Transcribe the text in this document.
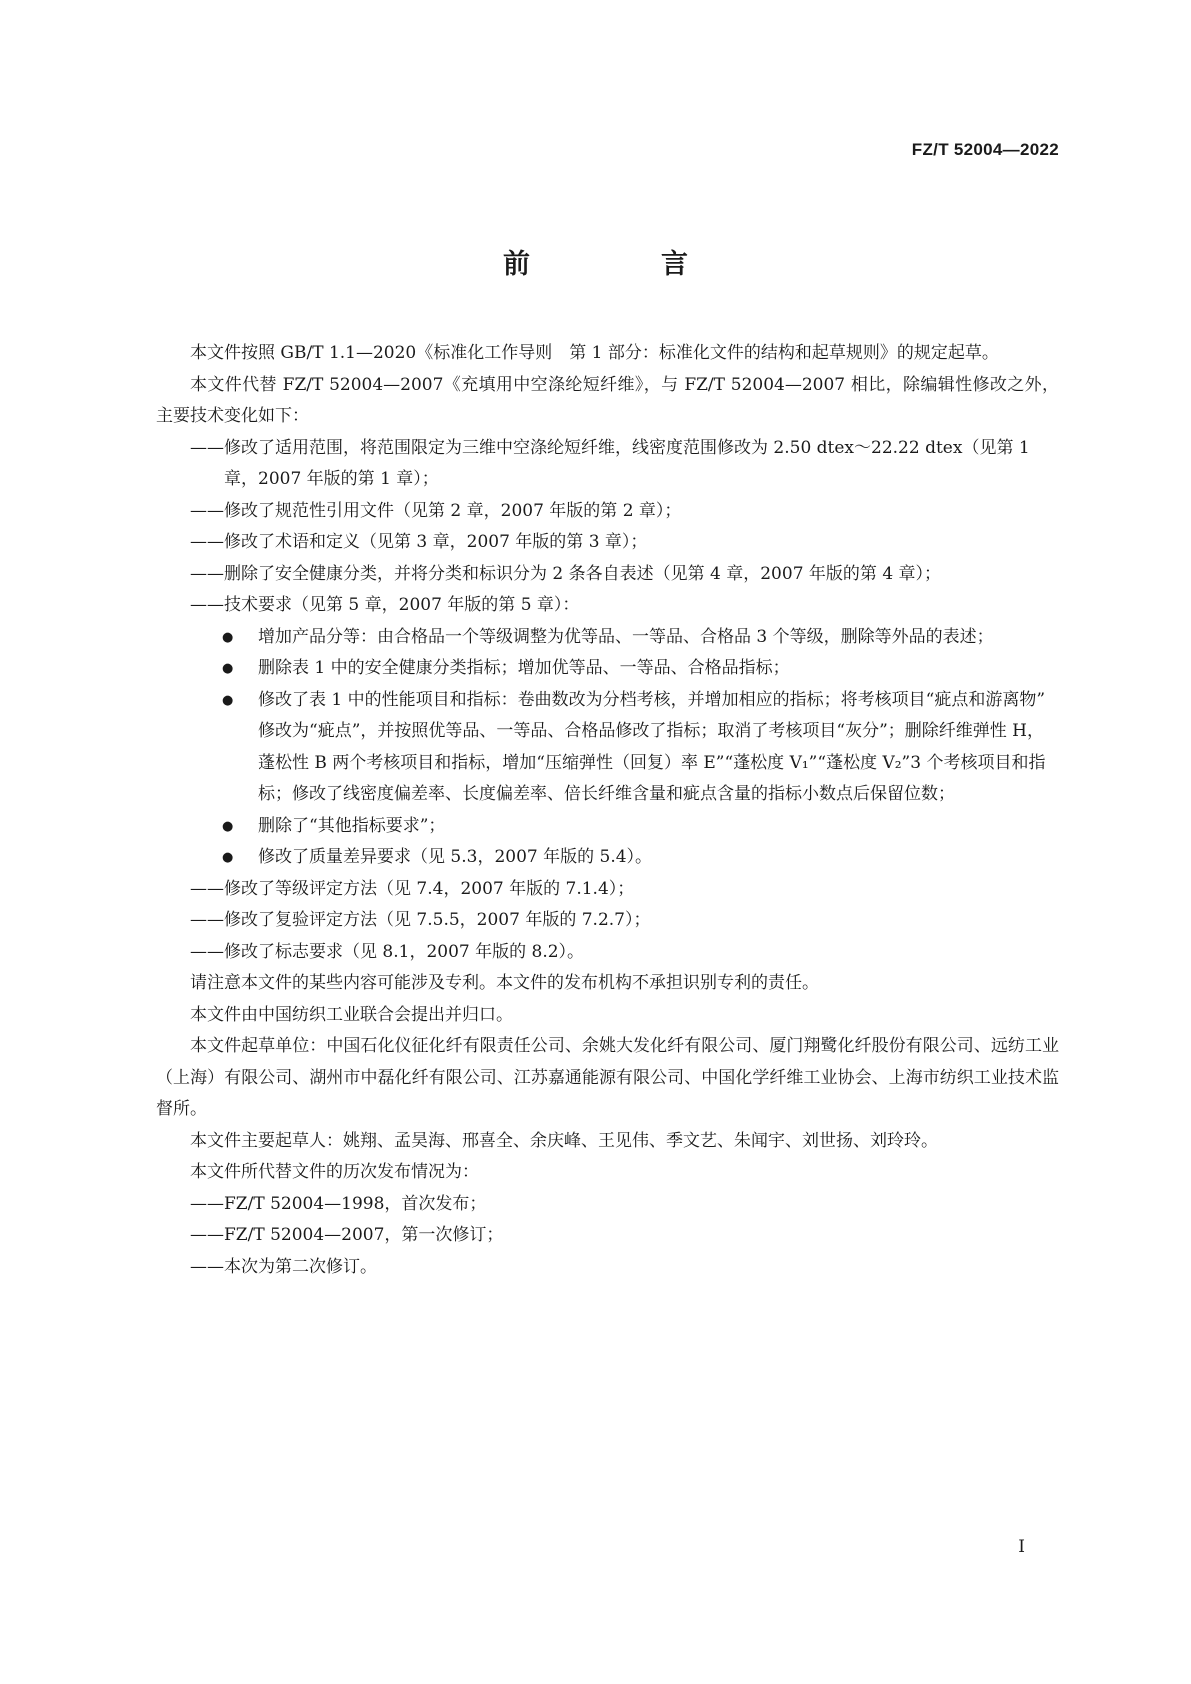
FZ/T 52004—2022
前　言

本文件按照 GB/T 1.1—2020《标准化工作导则　第 1 部分：标准化文件的结构和起草规则》的规定起草。

本文件代替 FZ/T 52004—2007《充填用中空涤纶短纤维》，与 FZ/T 52004—2007 相比，除编辑性修改之外，主要技术变化如下：

——修改了适用范围，将范围限定为三维中空涤纶短纤维，线密度范围修改为 2.50 dtex～22.22 dtex（见第 1 章，2007 年版的第 1 章）；

——修改了规范性引用文件（见第 2 章，2007 年版的第 2 章）；

——修改了术语和定义（见第 3 章，2007 年版的第 3 章）；

——删除了安全健康分类，并将分类和标识分为 2 条各自表述（见第 4 章，2007 年版的第 4 章）；

——技术要求（见第 5 章，2007 年版的第 5 章）：

● 增加产品分等：由合格品一个等级调整为优等品、一等品、合格品 3 个等级，删除等外品的表述；

● 删除表 1 中的安全健康分类指标；增加优等品、一等品、合格品指标；

● 修改了表 1 中的性能项目和指标：卷曲数改为分档考核，并增加相应的指标；将考核项目“疵点和游离物” 修改为“疵点”，并按照优等品、一等品、合格品修改了指标；取消了考核项目“灰分”；删除纤维弹性 H，蓬松性 B 两个考核项目和指标，增加“压缩弹性（回复）率 E”“蓬松度 V₁”“蓬松度 V₂”3 个考核项目和指标；修改了线密度偏差率、长度偏差率、倍长纤维含量和疵点含量的指标小数点后保留位数；

● 删除了“其他指标要求”；

● 修改了质量差异要求（见 5.3，2007 年版的 5.4）。

——修改了等级评定方法（见 7.4，2007 年版的 7.1.4）；

——修改了复验评定方法（见 7.5.5，2007 年版的 7.2.7）；

——修改了标志要求（见 8.1，2007 年版的 8.2）。

请注意本文件的某些内容可能涉及专利。本文件的发布机构不承担识别专利的责任。

本文件由中国纺织工业联合会提出并归口。

本文件起草单位：中国石化仪征化纤有限责任公司、余姚大发化纤有限公司、厦门翔鹭化纤股份有限公司、远纺工业（上海）有限公司、湖州市中磊化纤有限公司、江苏嘉通能源有限公司、中国化学纤维工业协会、上海市纺织工业技术监督所。

本文件主要起草人：姚翔、孟昊海、邢喜全、余庆峰、王见伟、季文艺、朱闻宇、刘世扬、刘玲玲。

本文件所代替文件的历次发布情况为：

——FZ/T 52004—1998，首次发布；

——FZ/T 52004—2007，第一次修订；

——本次为第二次修订。

I
